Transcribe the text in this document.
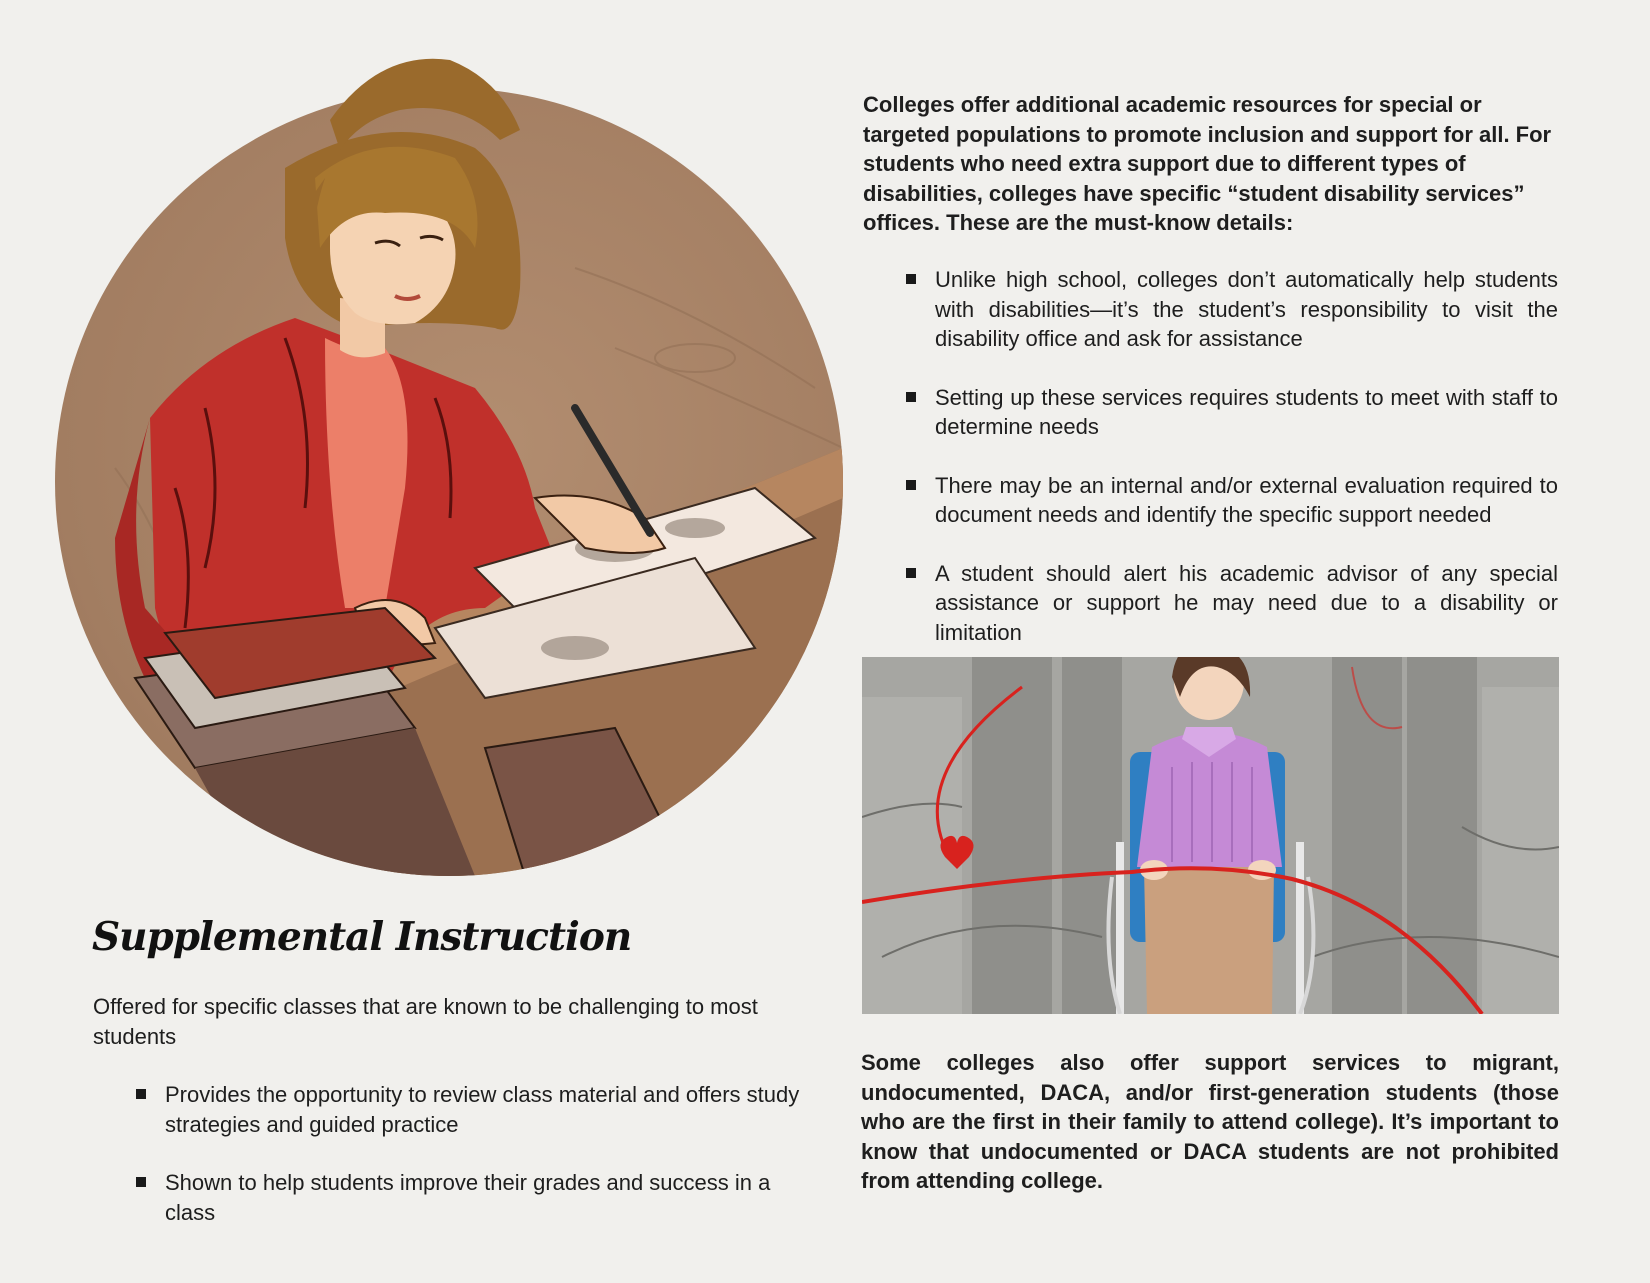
Colleges offer additional academic resources for special or targeted populations to promote inclusion and support for all. For students who need extra support due to different types of disabilities, colleges have specific “student disability services” offices. These are the must-know details:

Unlike high school, colleges don’t automatically help students with disabilities—it’s the student’s responsibility to visit the disability office and ask for assistance
Setting up these services requires students to meet with staff to determine needs
There may be an internal and/or external evaluation required to document needs and identify the specific support needed
A student should alert his academic advisor of any special assistance or support he may need due to a disability or limitation

Some colleges also offer support services to migrant, undocumented, DACA, and/or first-generation students (those who are the first in their family to attend college). It’s important to know that undocumented or DACA students are not prohibited from attending college.

Supplemental Instruction

Offered for specific classes that are known to be challenging to most students

Provides the opportunity to review class material and offers study strategies and guided practice
Shown to help students improve their grades and success in a class
